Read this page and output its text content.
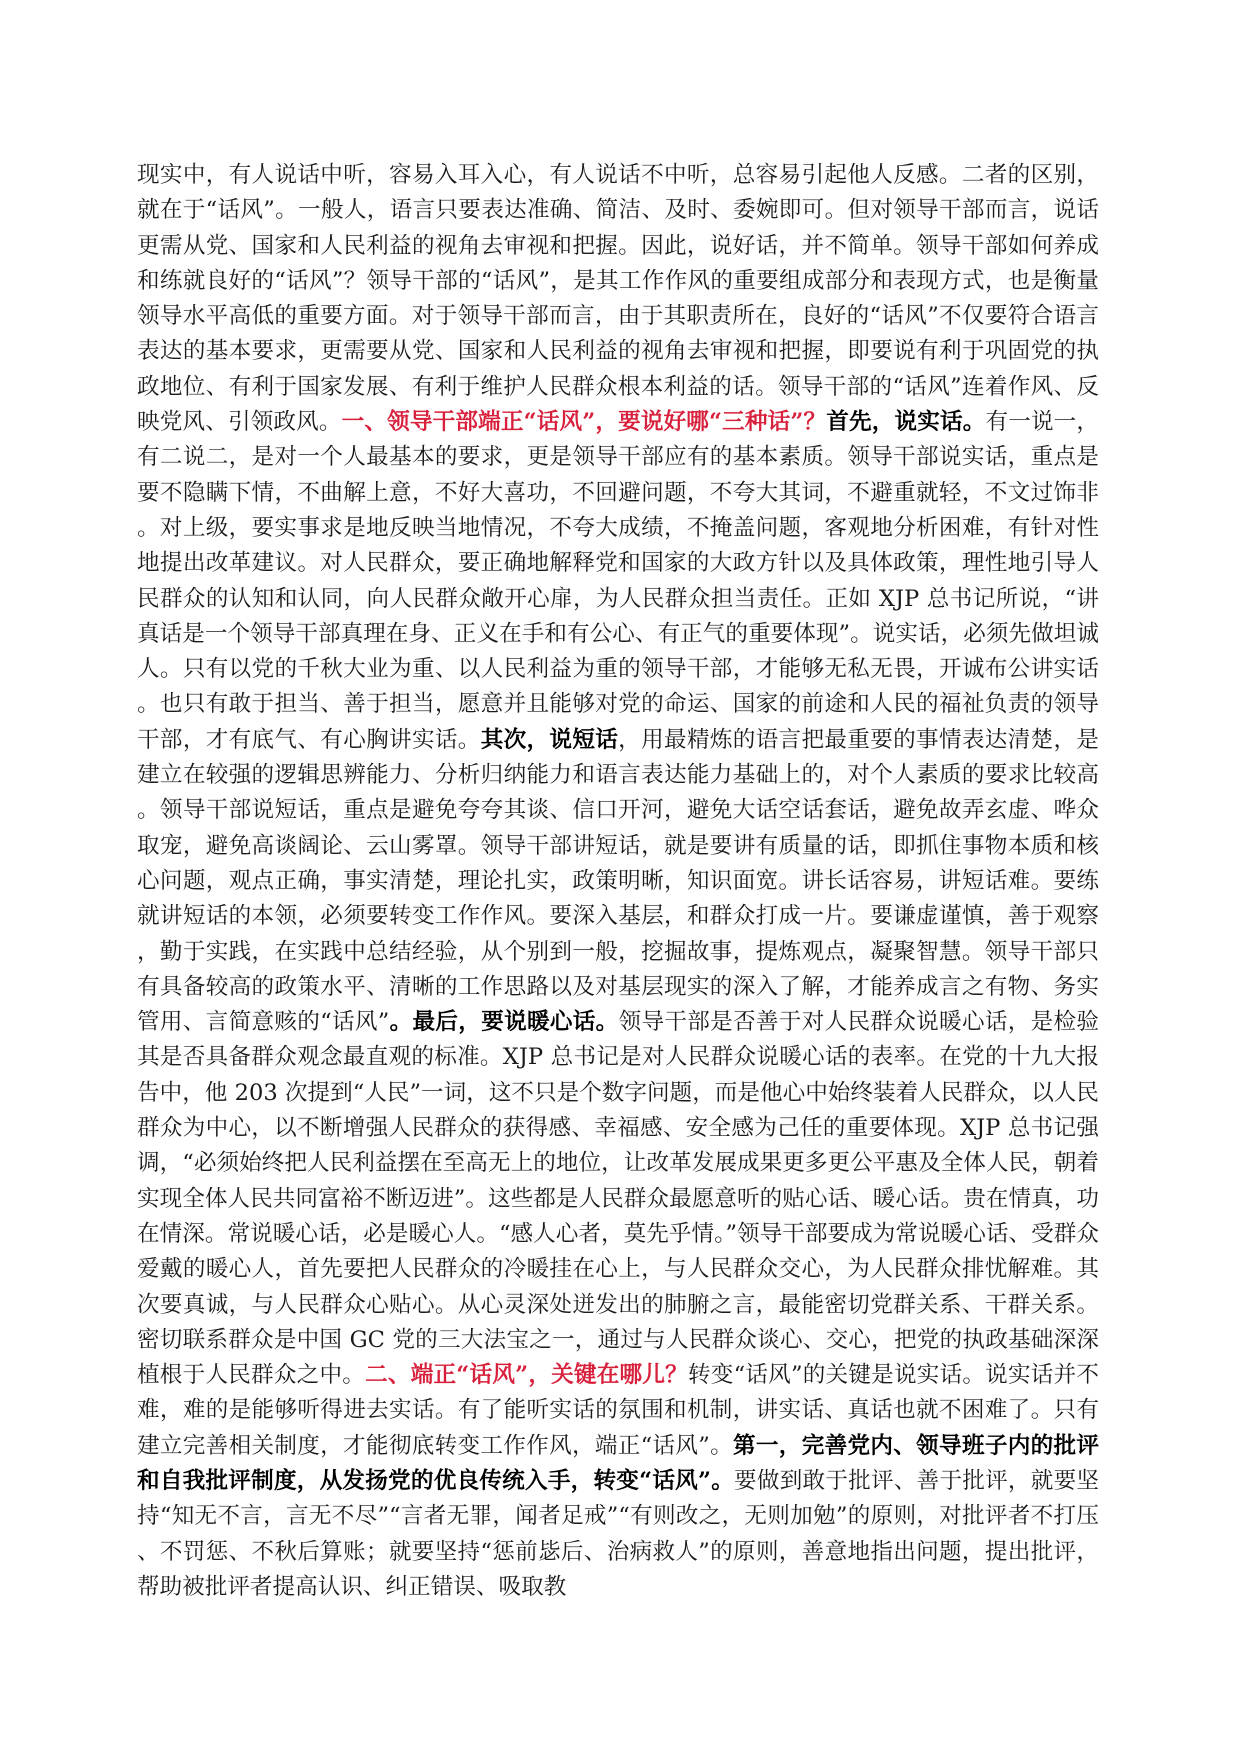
现实中，有人说话中听，容易入耳入心，有人说话不中听，总容易引起他人反感。二者的区别，就在于“话风”。一般人，语言只要表达准确、简洁、及时、委婉即可。但对领导干部而言，说话更需从党、国家和人民利益的视角去审视和把握。因此，说好话，并不简单。领导干部如何养成和练就良好的“话风”？领导干部的“话风”，是其工作作风的重要组成部分和表现方式，也是衡量领导水平高低的重要方面。对于领导干部而言，由于其职责所在，良好的“话风”不仅要符合语言表达的基本要求，更需要从党、国家和人民利益的视角去审视和把握，即要说有利于巩固党的执政地位、有利于国家发展、有利于维护人民群众根本利益的话。领导干部的“话风”连着作风、反映党风、引领政风。一、领导干部端正“话风”，要说好哪“三种话”？首先，说实话。有一说一，有二说二，是对一个人最基本的要求，更是领导干部应有的基本素质。领导干部说实话，重点是要不隐瞒下情，不曲解上意，不好大喜功，不回避问题，不夸大其词，不避重就轻，不文过饰非。对上级，要实事求是地反映当地情况，不夸大成绩，不掩盖问题，客观地分析困难，有针对性地提出改革建议。对人民群众，要正确地解释党和国家的大政方针以及具体政策，理性地引导人民群众的认知和认同，向人民群众敞开心扉，为人民群众担当责任。正如 XJP 总书记所说，“讲真话是一个领导干部真理在身、正义在手和有公心、有正气的重要体现”。说实话，必须先做坦诚人。只有以党的千秋大业为重、以人民利益为重的领导干部，才能够无私无畏，开诚布公讲实话。也只有敢于担当、善于担当，愿意并且能够对党的命运、国家的前途和人民的福祉负责的领导干部，才有底气、有心胸讲实话。其次，说短话，用最精炼的语言把最重要的事情表达清楚，是建立在较强的逻辑思辨能力、分析归纳能力和语言表达能力基础上的，对个人素质的要求比较高。领导干部说短话，重点是避免夸夸其谈、信口开河，避免大话空话套话，避免故弄玄虚、哗众取宠，避免高谈阔论、云山雾罩。领导干部讲短话，就是要讲有质量的话，即抓住事物本质和核心问题，观点正确，事实清楚，理论扎实，政策明晰，知识面宽。讲长话容易，讲短话难。要练就讲短话的本领，必须要转变工作作风。要深入基层，和群众打成一片。要谦虚谨慎，善于观察，勤于实践，在实践中总结经验，从个别到一般，挖掘故事，提炼观点，凝聚智慧。领导干部只有具备较高的政策水平、清晰的工作思路以及对基层现实的深入了解，才能养成言之有物、务实管用、言简意赅的“话风”。最后，要说暖心话。领导干部是否善于对人民群众说暖心话，是检验其是否具备群众观念最直观的标准。XJP 总书记是对人民群众说暖心话的表率。在党的十九大报告中，他 203 次提到“人民”一词，这不只是个数字问题，而是他心中始终装着人民群众，以人民群众为中心，以不断增强人民群众的获得感、幸福感、安全感为己任的重要体现。XJP 总书记强调，“必须始终把人民利益摆在至高无上的地位，让改革发展成果更多更公平惠及全体人民，朝着实现全体人民共同富裕不断迈进”。这些都是人民群众最愿意听的贴心话、暖心话。贵在情真，功在情深。常说暖心话，必是暖心人。“感人心者，莫先乎情。”领导干部要成为常说暖心话、受群众爱戴的暖心人，首先要把人民群众的冷暖挂在心上，与人民群众交心，为人民群众排忧解难。其次要真诚，与人民群众心贴心。从心灵深处迸发出的肺腑之言，最能密切党群关系、干群关系。密切联系群众是中国 GC 党的三大法宝之一，通过与人民群众谈心、交心，把党的执政基础深深植根于人民群众之中。二、端正“话风”，关键在哪儿？转变“话风”的关键是说实话。说实话并不难，难的是能够听得进去实话。有了能听实话的氛围和机制，讲实话、真话也就不困难了。只有建立完善相关制度，才能彻底转变工作作风，端正“话风”。第一，完善党内、领导班子内的批评和自我批评制度，从发扬党的优良传统入手，转变“话风”。要做到敢于批评、善于批评，就要坚持“知无不言，言无不尽”“言者无罪，闻者足戒”“有则改之，无则加勉”的原则，对批评者不打压、不罚惩、不秋后算账；就要坚持“惩前毖后、治病救人”的原则，善意地指出问题，提出批评，帮助被批评者提高认识、纠正错误、吸取教
